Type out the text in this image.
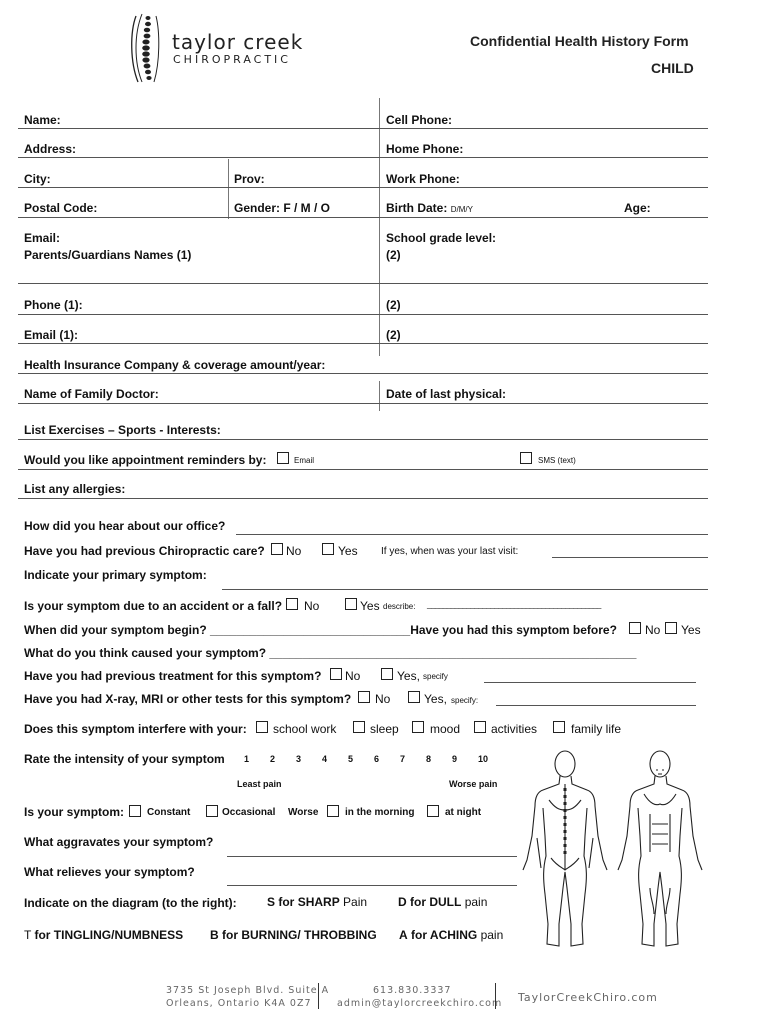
taylor creek
CHIROPRACTIC
Confidential Health History Form
CHILD
Name:	Cell Phone:
Address:	Home Phone:
City:	Prov:	Work Phone:
Postal Code:	Gender: F / M / O	Birth Date: D/M/Y	Age:
Email:	School grade level:
Parents/Guardians Names (1)	(2)
Phone (1):	(2)
Email (1):	(2)
Health Insurance Company & coverage amount/year:
Name of Family Doctor:	Date of last physical:
List Exercises – Sports - Interests:
Would you like appointment reminders by:	Email	SMS (text)
List any allergies:
How did you hear about our office?
Have you had previous Chiropractic care? No	Yes If yes, when was your last visit:
Indicate your primary symptom:
Is your symptom due to an accident or a fall? No	Yes describe: ____________________________________________
When did your symptom begin? ______________________________Have you had this symptom before? No Yes
What do you think caused your symptom? _______________________________________________________
Have you had previous treatment for this symptom? No	Yes, specify
Have you had X-ray, MRI or other tests for this symptom? No	Yes, specify:
Does this symptom interfere with your: school work	sleep	mood	activities	family life
Rate the intensity of your symptom 1 2 3 4 5 6 7 8 9 10
Least pain	Worse pain
Is your symptom: Constant	Occasional Worse	in the morning	at night
What aggravates your symptom?
What relieves your symptom?
Indicate on the diagram (to the right):	S for SHARP Pain	D for DULL pain
T for TINGLING/NUMBNESS B for BURNING/ THROBBING A for ACHING pain
3735 St Joseph Blvd. Suite A
Orleans, Ontario K4A 0Z7
613.830.3337
admin@taylorcreekchiro.com TaylorCreekChiro.com
